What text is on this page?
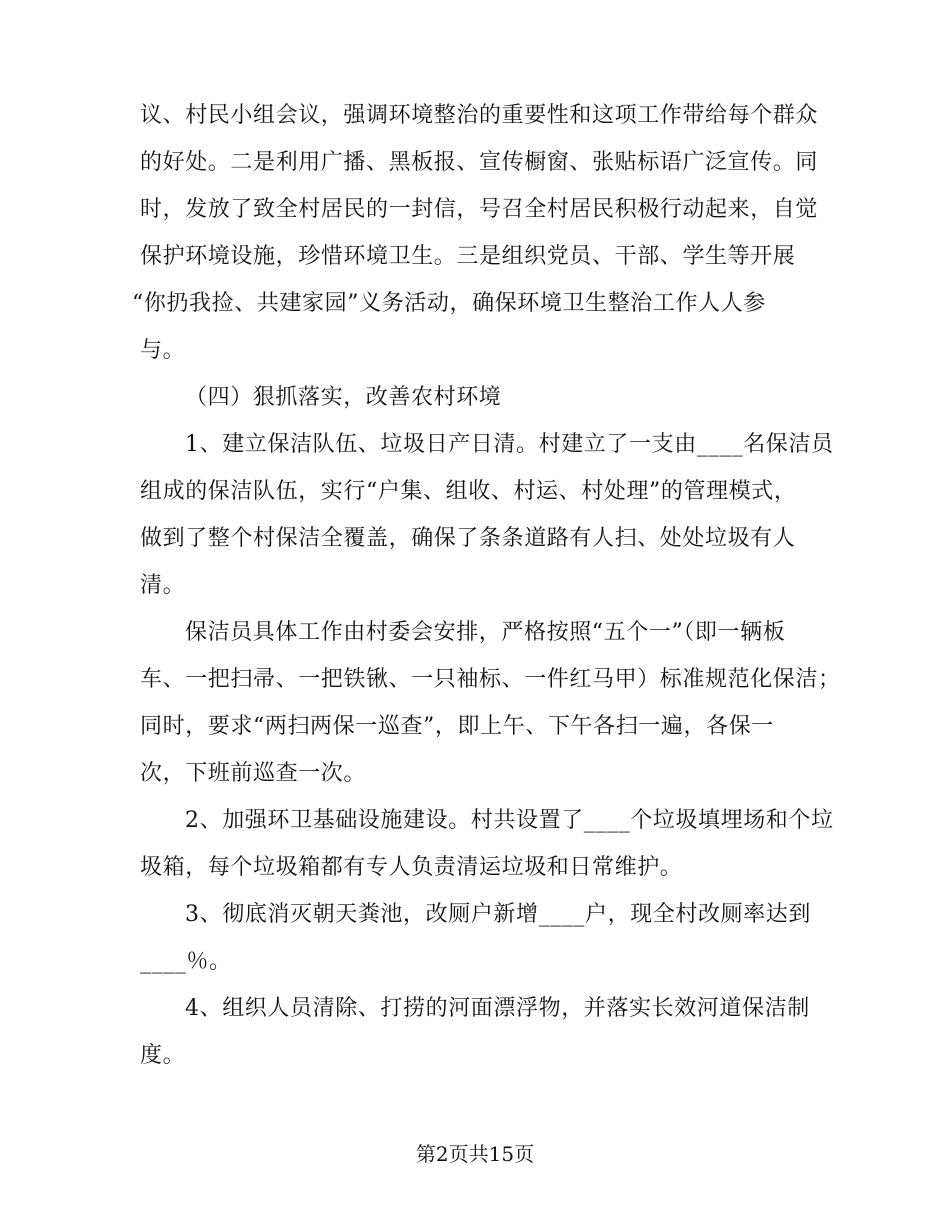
议、村民小组会议，强调环境整治的重要性和这项工作带给每个群众
的好处。二是利用广播、黑板报、宣传橱窗、张贴标语广泛宣传。同
时，发放了致全村居民的一封信，号召全村居民积极行动起来，自觉
保护环境设施，珍惜环境卫生。三是组织党员、干部、学生等开展
“你扔我捡、共建家园”义务活动，确保环境卫生整治工作人人参
与。
（四）狠抓落实，改善农村环境
1、建立保洁队伍、垃圾日产日清。村建立了一支由____名保洁员
组成的保洁队伍，实行“户集、组收、村运、村处理”的管理模式，
做到了整个村保洁全覆盖，确保了条条道路有人扫、处处垃圾有人
清。
保洁员具体工作由村委会安排，严格按照“五个一”（即一辆板
车、一把扫帚、一把铁锹、一只袖标、一件红马甲）标准规范化保洁；
同时，要求“两扫两保一巡查”，即上午、下午各扫一遍，各保一
次，下班前巡查一次。
2、加强环卫基础设施建设。村共设置了____个垃圾填埋场和个垃
圾箱，每个垃圾箱都有专人负责清运垃圾和日常维护。
3、彻底消灭朝天粪池，改厕户新增____户，现全村改厕率达到
____％。
4、组织人员清除、打捞的河面漂浮物，并落实长效河道保洁制
度。
第2页共15页
